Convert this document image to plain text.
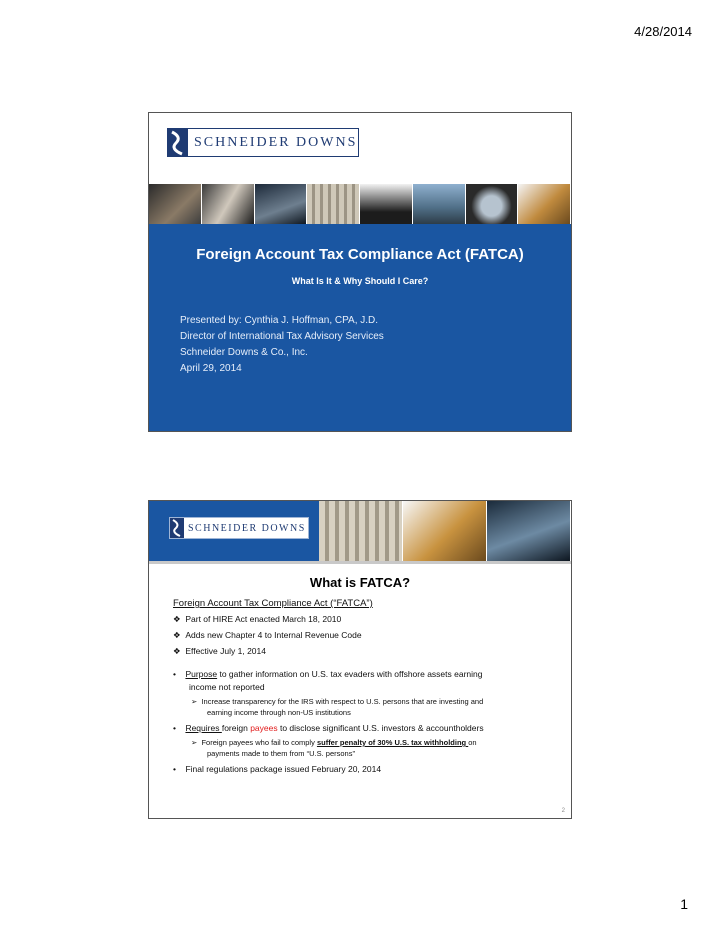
4/28/2014
SCHNEIDER DOWNS
Foreign Account Tax Compliance Act (FATCA)
What Is It & Why Should I Care?
Presented by: Cynthia J. Hoffman, CPA, J.D.
Director of International Tax Advisory Services
Schneider Downs & Co., Inc.
April 29, 2014
SCHNEIDER DOWNS
What is FATCA?
Foreign Account Tax Compliance Act (“FATCA”)
❖  Part of HIRE Act enacted March 18, 2010
❖  Adds new Chapter 4 to Internal Revenue Code
❖  Effective July 1, 2014
•    Purpose to gather information on U.S. tax evaders with offshore assets earning
income not reported
➢  Increase transparency for the IRS with respect to U.S. persons that are investing and
earning income through non-US institutions
•    Requires foreign payees to disclose significant U.S. investors & accountholders
➢  Foreign payees who fail to comply suffer penalty of 30% U.S. tax withholding on
payments made to them from “U.S. persons”
•    Final regulations package issued February 20, 2014
2
1
